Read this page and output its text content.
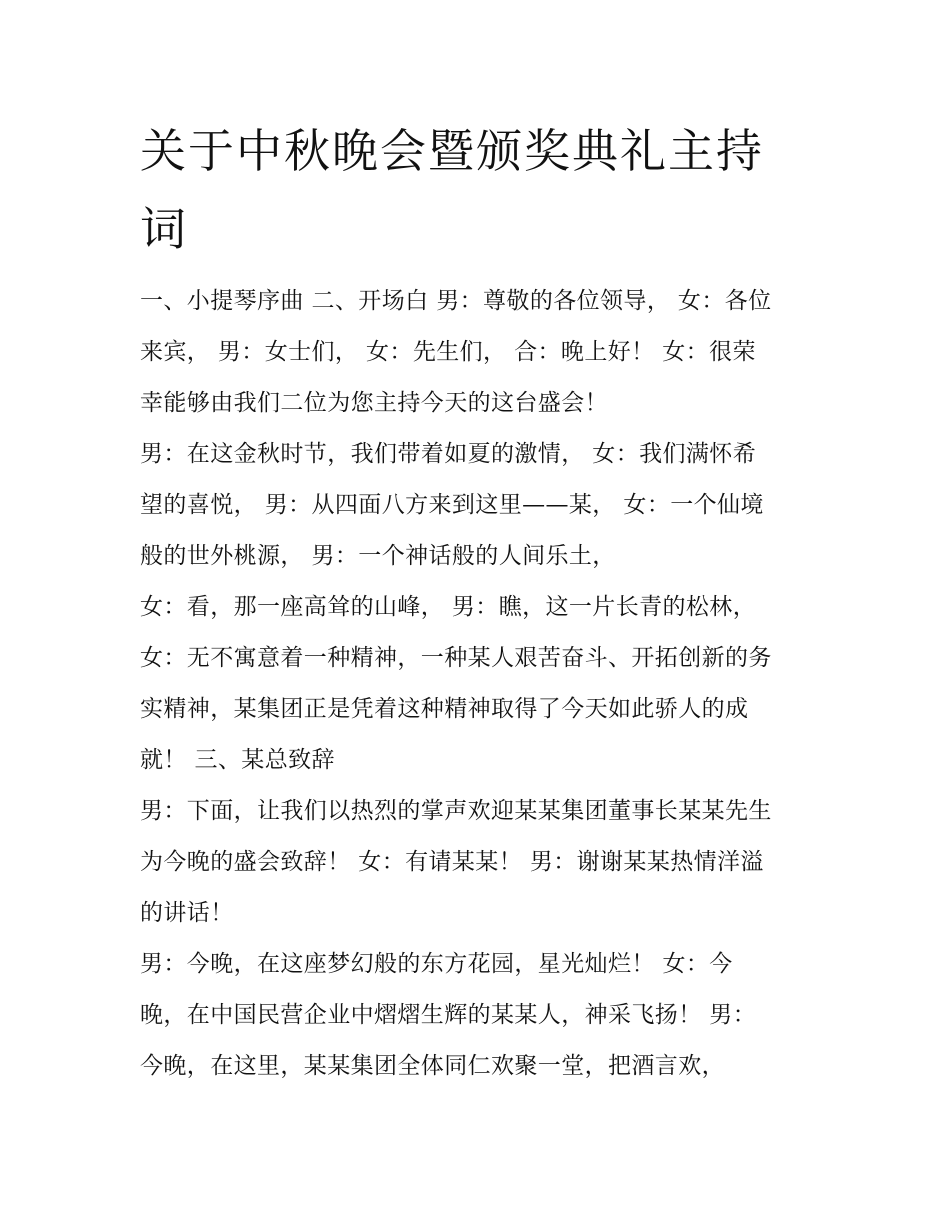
关于中秋晚会暨颁奖典礼主持
词
一、小提琴序曲 二、开场白 男：尊敬的各位领导， 女：各位
来宾， 男：女士们， 女：先生们， 合：晚上好！ 女：很荣
幸能够由我们二位为您主持今天的这台盛会！
男：在这金秋时节，我们带着如夏的激情， 女：我们满怀希
望的喜悦， 男：从四面八方来到这里——某， 女：一个仙境
般的世外桃源， 男：一个神话般的人间乐土，
女：看，那一座高耸的山峰， 男：瞧，这一片长青的松林，
女：无不寓意着一种精神，一种某人艰苦奋斗、开拓创新的务
实精神，某集团正是凭着这种精神取得了今天如此骄人的成
就！ 三、某总致辞
男：下面，让我们以热烈的掌声欢迎某某集团董事长某某先生
为今晚的盛会致辞！ 女：有请某某！ 男：谢谢某某热情洋溢
的讲话！
男：今晚，在这座梦幻般的东方花园，星光灿烂！ 女：今
晚，在中国民营企业中熠熠生辉的某某人，神采飞扬！ 男：
今晚，在这里，某某集团全体同仁欢聚一堂，把酒言欢，
